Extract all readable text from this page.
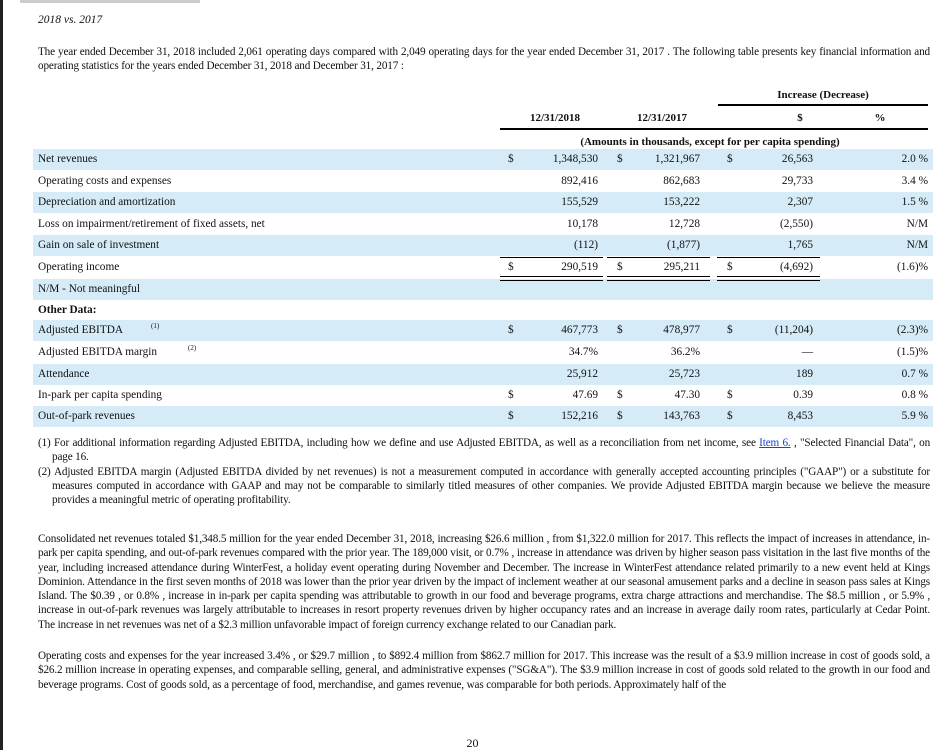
2018 vs. 2017
The year ended December 31, 2018 included 2,061 operating days compared with 2,049 operating days for the year ended December 31, 2017 . The following table presents key financial information and operating statistics for the years ended December 31, 2018 and December 31, 2017 :
Increase (Decrease)
12/31/2018	12/31/2017	$	%
(Amounts in thousands, except for per capita spending)
Net revenues	$	1,348,530 $	1,321,967 $	26,563	2.0 %
Operating costs and expenses	892,416	862,683	29,733	3.4 %
Depreciation and amortization	155,529	153,222	2,307	1.5 %
Loss on impairment/retirement of fixed assets, net	10,178	12,728	(2,550)	N/M
Gain on sale of investment	(112)	(1,877)	1,765	N/M
Operating income	$	290,519 $	295,211 $	(4,692)	(1.6)%
N/M - Not meaningful
Other Data:
Adjusted EBITDA	(1)	$	467,773 $	478,977 $	(11,204)	(2.3)%
Adjusted EBITDA margin	(2)	34.7%	36.2%	—	(1.5)%
Attendance	25,912	25,723	189	0.7 %
In-park per capita spending	$	47.69 $	47.30 $	0.39	0.8 %
Out-of-park revenues	$	152,216 $	143,763 $	8,453	5.9 %
(1) For additional information regarding Adjusted EBITDA, including how we define and use Adjusted EBITDA, as well as a reconciliation from net income, see Item 6. , "Selected Financial Data", on page 16.
(2) Adjusted EBITDA margin (Adjusted EBITDA divided by net revenues) is not a measurement computed in accordance with generally accepted accounting principles ("GAAP") or a substitute for measures computed in accordance with GAAP and may not be comparable to similarly titled measures of other companies. We provide Adjusted EBITDA margin because we believe the measure provides a meaningful metric of operating profitability.
Consolidated net revenues totaled $1,348.5 million for the year ended December 31, 2018, increasing $26.6 million , from $1,322.0 million for 2017. This reflects the impact of increases in attendance, in-park per capita spending, and out-of-park revenues compared with the prior year. The 189,000 visit, or 0.7% , increase in attendance was driven by higher season pass visitation in the last five months of the year, including increased attendance during WinterFest, a holiday event operating during November and December. The increase in WinterFest attendance related primarily to a new event held at Kings Dominion. Attendance in the first seven months of 2018 was lower than the prior year driven by the impact of inclement weather at our seasonal amusement parks and a decline in season pass sales at Kings Island. The $0.39 , or 0.8% , increase in in-park per capita spending was attributable to growth in our food and beverage programs, extra charge attractions and merchandise. The $8.5 million , or 5.9% , increase in out-of-park revenues was largely attributable to increases in resort property revenues driven by higher occupancy rates and an increase in average daily room rates, particularly at Cedar Point. The increase in net revenues was net of a $2.3 million unfavorable impact of foreign currency exchange related to our Canadian park.
Operating costs and expenses for the year increased 3.4% , or $29.7 million , to $892.4 million from $862.7 million for 2017. This increase was the result of a $3.9 million increase in cost of goods sold, a $26.2 million increase in operating expenses, and comparable selling, general, and administrative expenses ("SG&A"). The $3.9 million increase in cost of goods sold related to the growth in our food and beverage programs. Cost of goods sold, as a percentage of food, merchandise, and games revenue, was comparable for both periods. Approximately half of the
20
